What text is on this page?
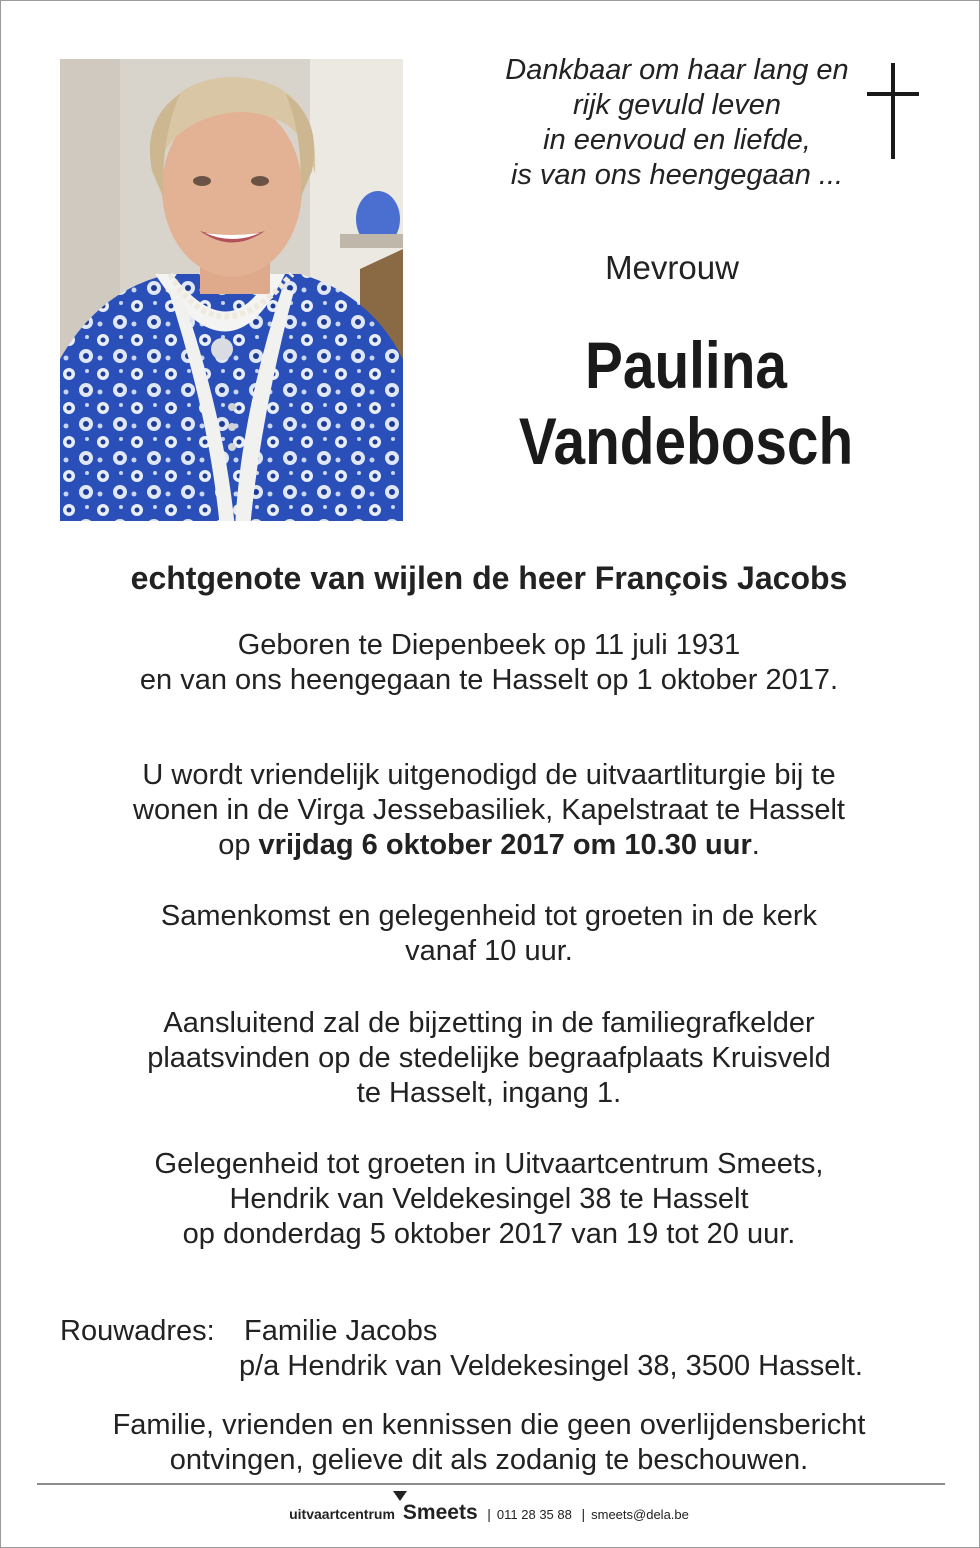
Dankbaar om haar lang en
rijk gevuld leven
in eenvoud en liefde,
is van ons heengegaan ...
Mevrouw
Paulina
Vandebosch
echtgenote van wijlen de heer François Jacobs
Geboren te Diepenbeek op 11 juli 1931
en van ons heengegaan te Hasselt op 1 oktober 2017.
U wordt vriendelijk uitgenodigd de uitvaartliturgie bij te
wonen in de Virga Jessebasiliek, Kapelstraat te Hasselt
op vrijdag 6 oktober 2017 om 10.30 uur.
Samenkomst en gelegenheid tot groeten in de kerk
vanaf 10 uur.
Aansluitend zal de bijzetting in de familiegrafkelder
plaatsvinden op de stedelijke begraafplaats Kruisveld
te Hasselt, ingang 1.
Gelegenheid tot groeten in Uitvaartcentrum Smeets,
Hendrik van Veldekesingel 38 te Hasselt
op donderdag 5 oktober 2017 van 19 tot 20 uur.
Rouwadres: Familie Jacobs
p/a Hendrik van Veldekesingel 38, 3500 Hasselt.
Familie, vrienden en kennissen die geen overlijdensbericht
ontvingen, gelieve dit als zodanig te beschouwen.
uitvaartcentrum Smeets | 011 28 35 88 | smeets@dela.be
